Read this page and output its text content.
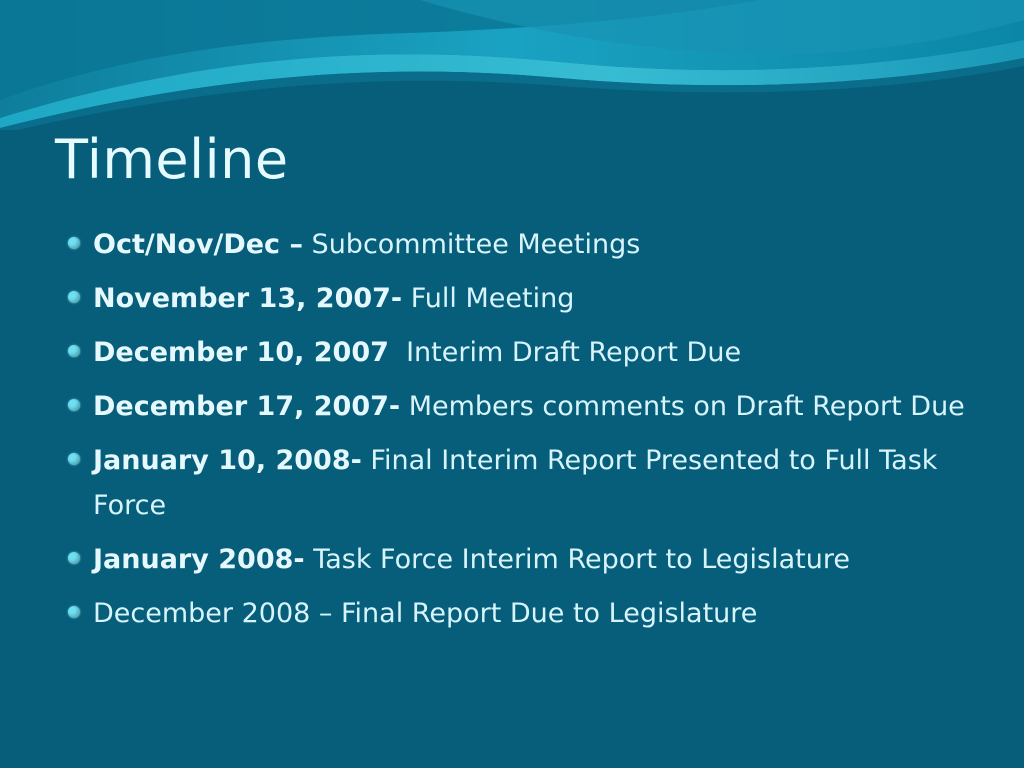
Timeline
Oct/Nov/Dec – Subcommittee Meetings
November 13, 2007- Full Meeting
December 10, 2007  Interim Draft Report Due
December 17, 2007- Members comments on Draft Report Due
January 10, 2008- Final Interim Report Presented to Full Task Force
January 2008- Task Force Interim Report to Legislature
December 2008 – Final Report Due to Legislature
